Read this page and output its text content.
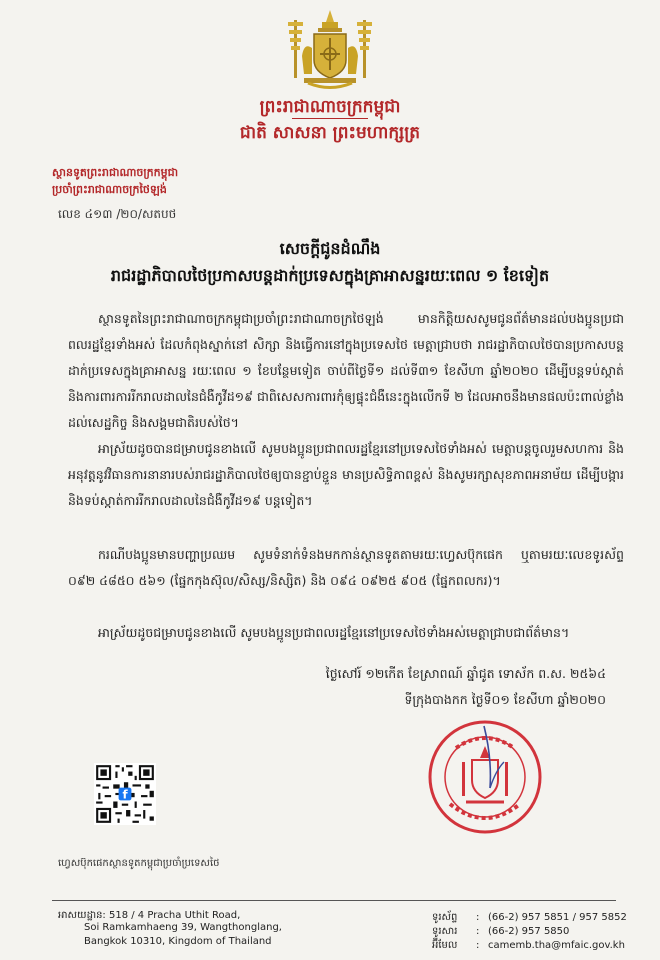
ព្រះរាជាណាចក្រកម្ពុជា
ជាតិ សាសនា ព្រះមហាក្សត្រ
ស្ថានទូតព្រះរាជាណាចក្រកម្ពុជា
ប្រចាំព្រះរាជាណាចក្រថៃឡង់
លេខ ៤១៣ /២០/សតបថ
សេចក្តីជូនដំណឹង
រាជរដ្ឋាភិបាលថៃប្រកាសបន្តដាក់ប្រទេសក្នុងគ្រាអាសន្នរយៈពេល ១ ខែទៀត
ស្ថានទូតនៃព្រះរាជាណាចក្រកម្ពុជាប្រចាំព្រះរាជាណាចក្រថៃឡង់ មានកិត្តិយសសូមជូនព័ត៌មានដល់បងប្អូនប្រជាពលរដ្ឋខ្មែរទាំងអស់ ដែលកំពុងស្នាក់នៅ សិក្សា និងធ្វើការនៅក្នុងប្រទេសថៃ មេត្តាជ្រាបថា រាជរដ្ឋាភិបាលថៃបានប្រកាសបន្តដាក់ប្រទេសក្នុងគ្រាអាសន្ន រយៈពេល ១ ខែបន្ថែមទៀត ចាប់ពីថ្ងៃទី១ ដល់ទី៣១ ខែសីហា ឆ្នាំ២០២០ ដើម្បីបន្តទប់ស្កាត់ និងការពារការរីករាលដាលនៃជំងឺកូវីដ១៩ ជាពិសេសការពារកុំឲ្យផ្ទុះជំងឺនេះក្នុងលើកទី ២ ដែលអាចនឹងមានផលប៉ះពាល់ខ្លាំងដល់សេដ្ឋកិច្ច និងសង្គមជាតិរបស់ថៃ។
អាស្រ័យដូចបានជម្រាបជូនខាងលើ សូមបងប្អូនប្រជាពលរដ្ឋខ្មែរនៅប្រទេសថៃទាំងអស់ មេត្តាបន្តចូលរួមសហការ និងអនុវត្តនូវវិធានការនានារបស់រាជរដ្ឋាភិបាលថៃឲ្យបានខ្ជាប់ខ្ជួន មានប្រសិទ្ធិភាពខ្ពស់ និងសូមរក្សាសុខភាពអនាម័យ ដើម្បីបង្ការ និងទប់ស្កាត់ការរីករាលដាលនៃជំងឺកូវីដ១៩ បន្តទៀត។
ករណីបងប្អូនមានបញ្ហាប្រឈម សូមទំនាក់ទំនងមកកាន់ស្ថានទូតតាមរយៈហ្វេសប៊ុកផេក ឬតាមរយៈលេខទូរស័ព្ទ ០៩២ ៤៨៥០ ៥៦១ (ផ្នែកកុងស៊ុល/សិស្ស/និស្សិត) និង ០៩៤ ០៩២៥ ៩០៥ (ផ្នែកពលករ)។
អាស្រ័យដូចជម្រាបជូនខាងលើ សូមបងប្អូនប្រជាពលរដ្ឋខ្មែរនៅប្រទេសថៃទាំងអស់មេត្តាជ្រាបជាព័ត៌មាន។
ថ្ងៃសៅរ៍ ១២កើត ខែស្រាពណ៍ ឆ្នាំជូត ទោស័ក ព.ស. ២៥៦៤
ទីក្រុងបាងកក ថ្ងៃទី០១ ខែសីហា ឆ្នាំ២០២០
f
ហ្វេសប៊ុកផេកស្ថានទូតកម្ពុជាប្រចាំប្រទេសថៃ
អាសយដ្ឋាន: 518 / 4 Pracha Uthit Road,
Soi Ramkamhaeng 39, Wangthonglang,
Bangkok 10310, Kingdom of Thailand
ទូរស័ព្ទ : (66-2) 957 5851 / 957 5852
ទូរសារ : (66-2) 957 5850
អ៊ីមែល : camemb.tha@mfaic.gov.kh
